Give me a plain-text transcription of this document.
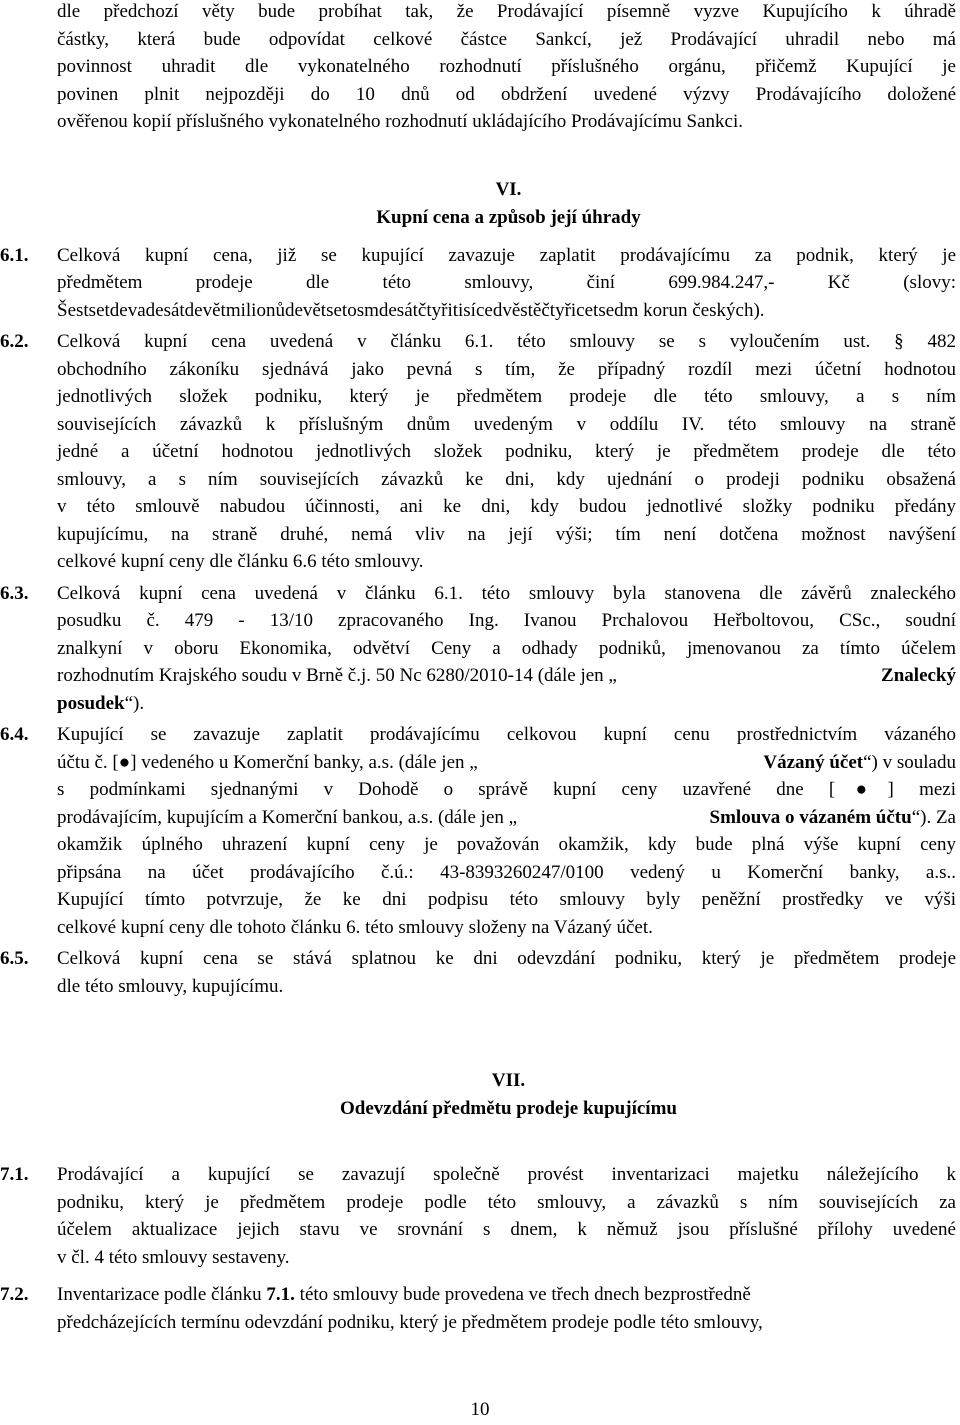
dle předchozí věty bude probíhat tak, že Prodávající písemně vyzve Kupujícího k úhradě
částky, která bude odpovídat celkové částce Sankcí, jež Prodávající uhradil nebo má
povinnost uhradit dle vykonatelného rozhodnutí příslušného orgánu, přičemž Kupující je
povinen plnit nejpozději do 10 dnů od obdržení uvedené výzvy Prodávajícího doložené
ověřenou kopií příslušného vykonatelného rozhodnutí ukládajícího Prodávajícímu Sankci.
VI.
Kupní cena a způsob její úhrady
6.1. Celková kupní cena, již se kupující zavazuje zaplatit prodávajícímu za podnik, který je
předmětem prodeje dle této smlouvy, činí 699.984.247,- Kč (slovy:
Šestsetdevadesátdevětmilionůdevětsetosmdesátčtyřitisícedvěstěčtyřicetsedm korun českých).
6.2. Celková kupní cena uvedená v článku 6.1. této smlouvy se s vyloučením ust. § 482
obchodního zákoníku sjednává jako pevná s tím, že případný rozdíl mezi účetní hodnotou
jednotlivých složek podniku, který je předmětem prodeje dle této smlouvy, a s ním
souvisejících závazků k příslušným dnům uvedeným v oddílu IV. této smlouvy na straně
jedné a účetní hodnotou jednotlivých složek podniku, který je předmětem prodeje dle této
smlouvy, a s ním souvisejících závazků ke dni, kdy ujednání o prodeji podniku obsažená
v této smlouvě nabudou účinnosti, ani ke dni, kdy budou jednotlivé složky podniku předány
kupujícímu, na straně druhé, nemá vliv na její výši; tím není dotčena možnost navýšení
celkové kupní ceny dle článku 6.6 této smlouvy.
6.3. Celková kupní cena uvedená v článku 6.1. této smlouvy byla stanovena dle závěrů znaleckého
posudku č. 479 - 13/10 zpracovaného Ing. Ivanou Prchalovou Heřboltovou, CSc., soudní
znalkyní v oboru Ekonomika, odvětví Ceny a odhady podniků, jmenovanou za tímto účelem
rozhodnutím Krajského soudu v Brně č.j. 50 Nc 6280/2010-14 (dále jen „	Znalecký
posudek“).
6.4. Kupující se zavazuje zaplatit prodávajícímu celkovou kupní cenu prostřednictvím vázaného
účtu č. [●] vedeného u Komerční banky, a.s. (dále jen „	Vázaný účet “) v souladu
s podmínkami sjednanými v Dohodě o správě kupní ceny uzavřené dne [●] mezi
prodávajícím, kupujícím a Komerční bankou, a.s. (dále jen „	Smlouva o vázaném účtu “). Za
okamžik úplného uhrazení kupní ceny je považován okamžik, kdy bude plná výše kupní ceny
připsána na účet prodávajícího č.ú.: 43-8393260247/0100 vedený u Komerční banky, a.s..
Kupující tímto potvrzuje, že ke dni podpisu této smlouvy byly peněžní prostředky ve výši
celkové kupní ceny dle tohoto článku 6. této smlouvy složeny na Vázaný účet.
6.5. Celková kupní cena se stává splatnou ke dni odevzdání podniku, který je předmětem prodeje
dle této smlouvy, kupujícímu.
VII.
Odevzdání předmětu prodeje kupujícímu
7.1. Prodávající a kupující se zavazují společně provést inventarizaci majetku náležejícího k
podniku, který je předmětem prodeje podle této smlouvy, a závazků s ním souvisejících za
účelem aktualizace jejich stavu ve srovnání s dnem, k němuž jsou příslušné přílohy uvedené
v čl. 4 této smlouvy sestaveny.
7.2. Inventarizace podle článku 7.1. této smlouvy bude provedena ve třech dnech bezprostředně
předcházejících termínu odevzdání podniku, který je předmětem prodeje podle této smlouvy,
10
